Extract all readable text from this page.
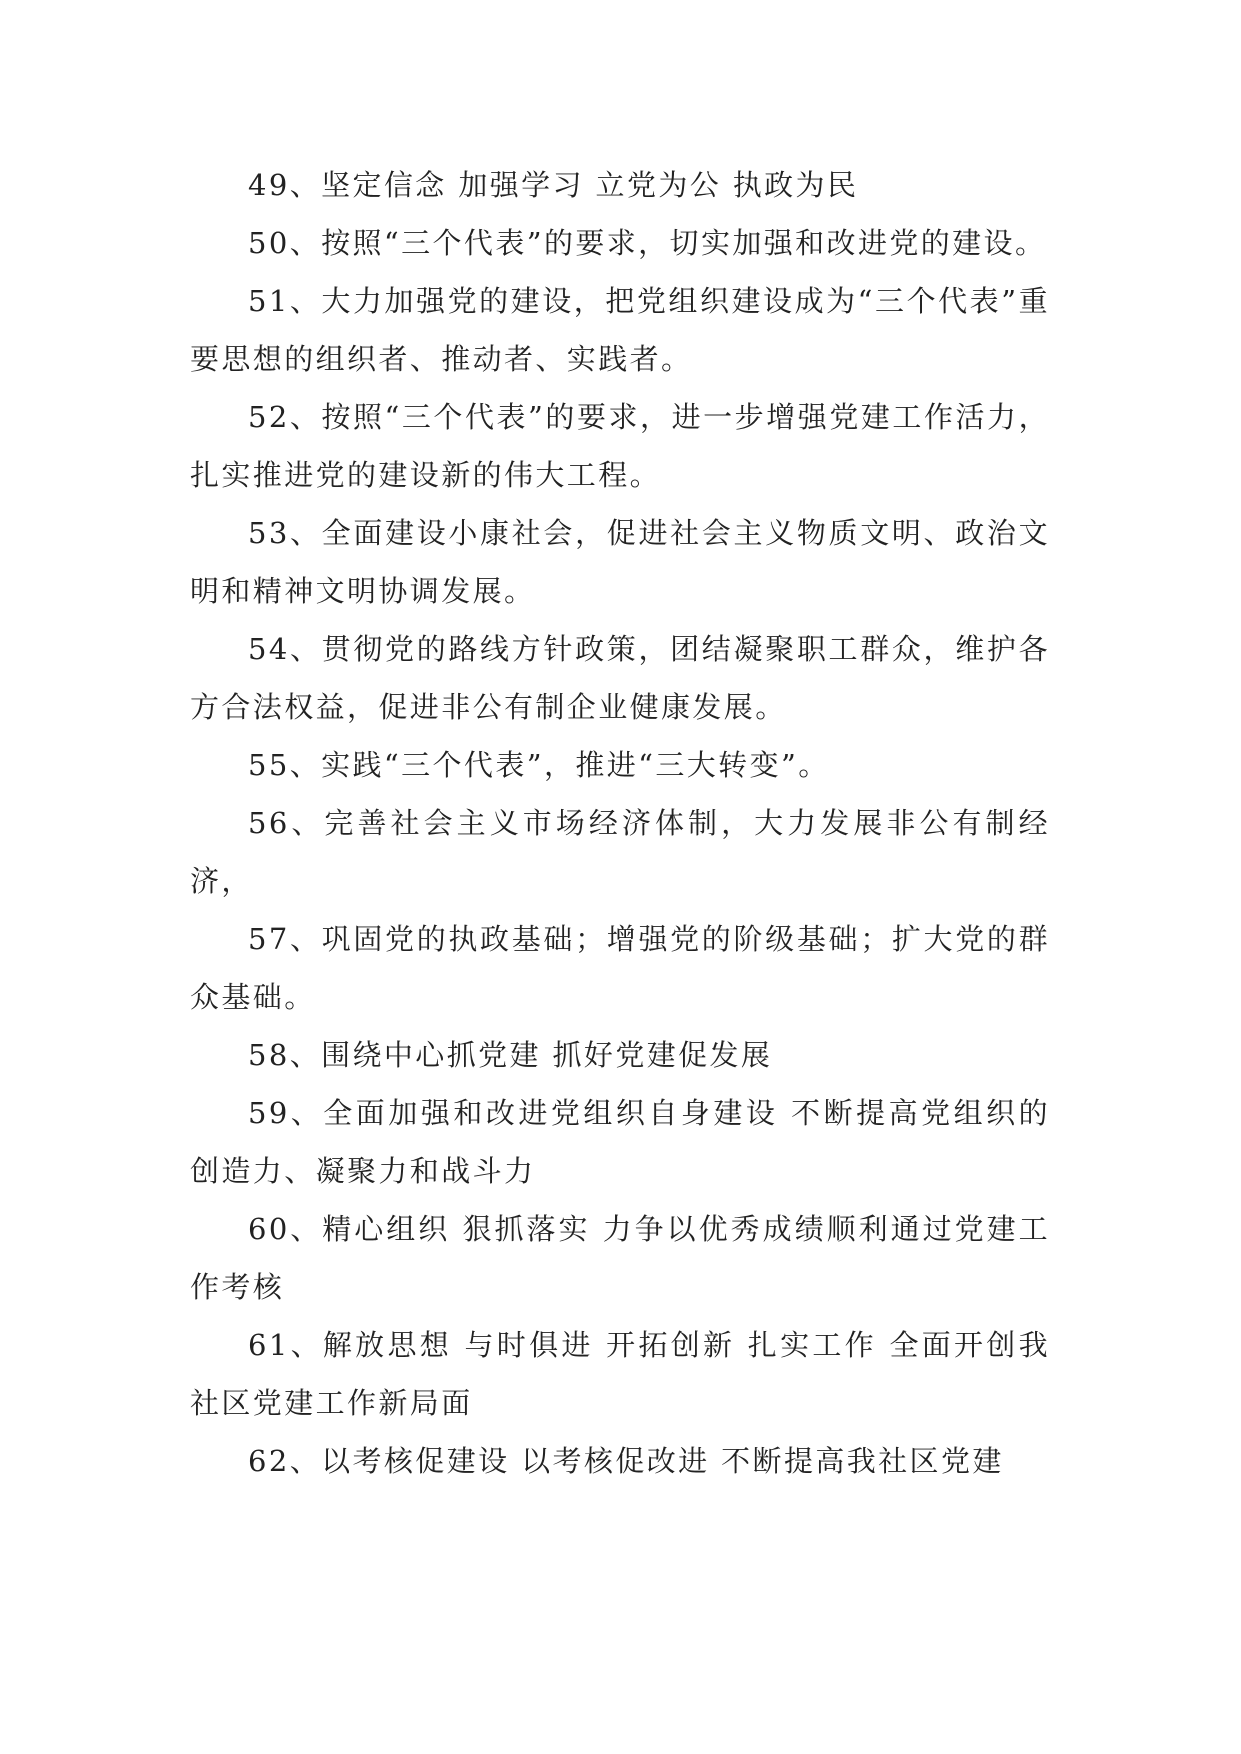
49、坚定信念 加强学习 立党为公 执政为民

50、按照“三个代表”的要求，切实加强和改进党的建设。

51、大力加强党的建设，把党组织建设成为“三个代表”重要思想的组织者、推动者、实践者。

52、按照“三个代表”的要求，进一步增强党建工作活力，扎实推进党的建设新的伟大工程。

53、全面建设小康社会，促进社会主义物质文明、政治文明和精神文明协调发展。

54、贯彻党的路线方针政策，团结凝聚职工群众，维护各方合法权益，促进非公有制企业健康发展。

55、实践“三个代表”，推进“三大转变”。

56、完善社会主义市场经济体制，大力发展非公有制经济，

57、巩固党的执政基础；增强党的阶级基础；扩大党的群众基础。

58、围绕中心抓党建 抓好党建促发展

59、全面加强和改进党组织自身建设 不断提高党组织的创造力、凝聚力和战斗力

60、精心组织 狠抓落实 力争以优秀成绩顺利通过党建工作考核

61、解放思想 与时俱进 开拓创新 扎实工作 全面开创我社区党建工作新局面

62、以考核促建设 以考核促改进 不断提高我社区党建
